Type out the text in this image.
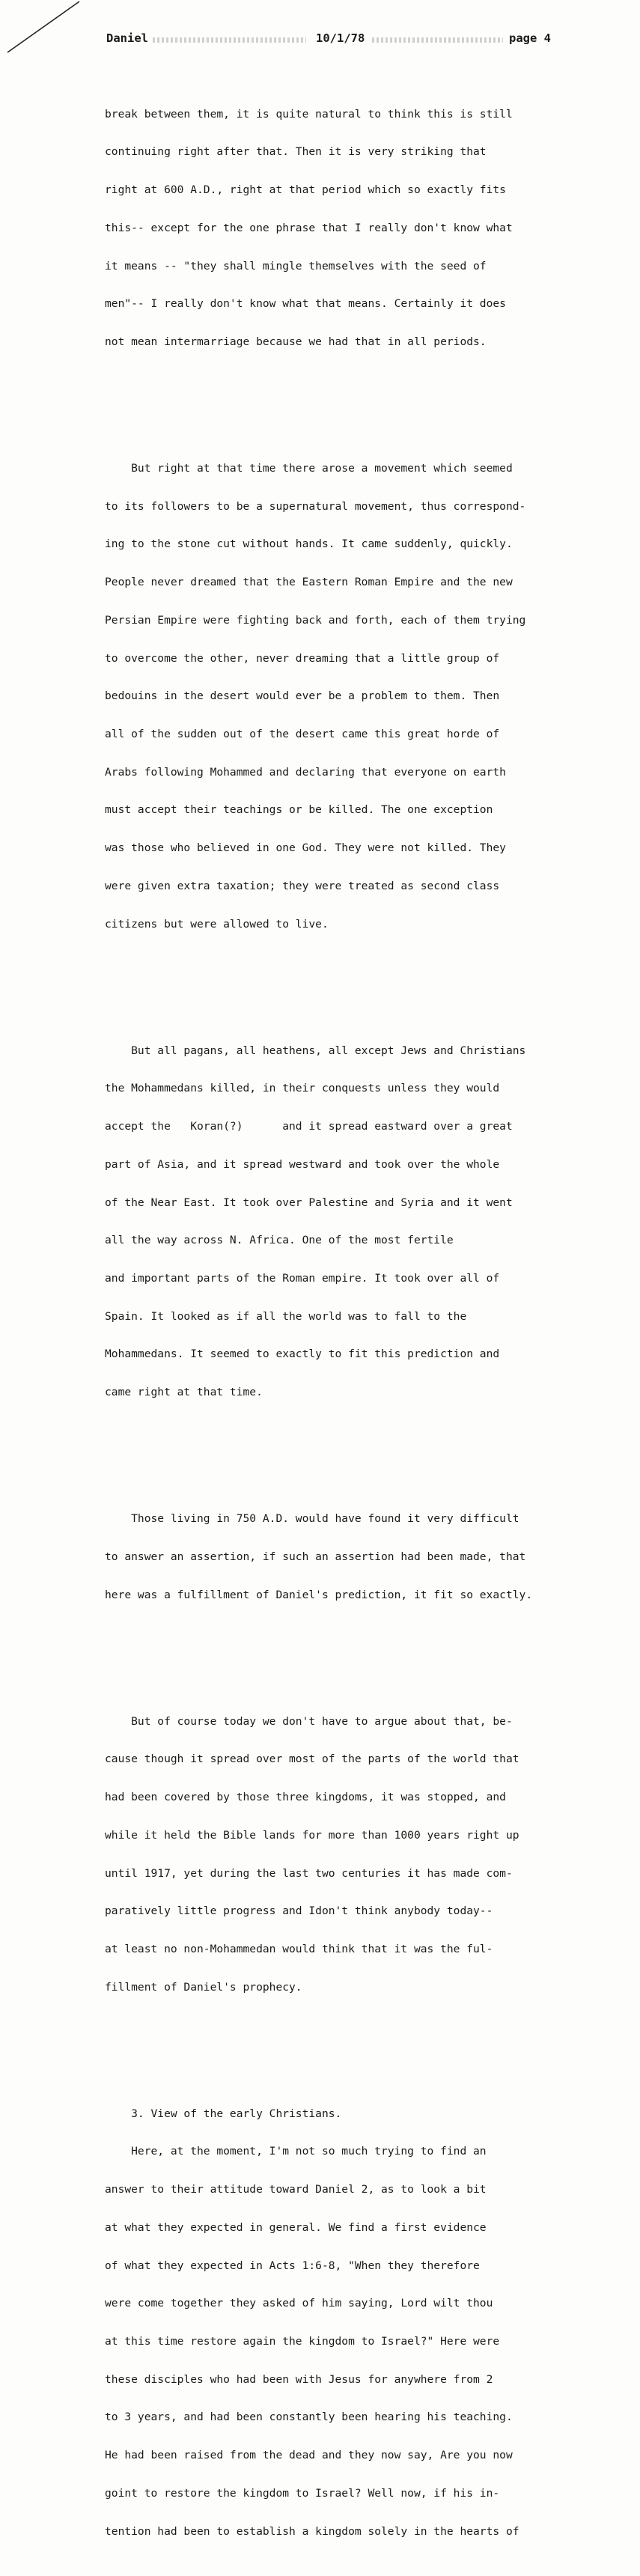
Daniel

	10/1/78

	page 4

break between them, it is quite natural to think this is still

continuing right after that. Then it is very striking that

right at 600 A.D., right at that period which so exactly fits

this-- except for the one phrase that I really don't know what

it means -- "they shall mingle themselves with the seed of

men"-- I really don't know what that means. Certainly it does

not mean intermarriage because we had that in all periods.

But right at that time there arose a movement which seemed

to its followers to be a supernatural movement, thus correspond-

ing to the stone cut without hands. It came suddenly, quickly.

People never dreamed that the Eastern Roman Empire and the new

Persian Empire were fighting back and forth, each of them trying

to overcome the other, never dreaming that a little group of

bedouins in the desert would ever be a problem to them. Then

all of the sudden out of the desert came this great horde of

Arabs following Mohammed and declaring that everyone on earth

must accept their teachings or be killed. The one exception

was those who believed in one God. They were not killed. They

were given extra taxation; they were treated as second class

citizens but were allowed to live.

But all pagans, all heathens, all except Jews and Christians

the Mohammedans killed, in their conquests unless they would

accept the   Koran(?)      and it spread eastward over a great

part of Asia, and it spread westward and took over the whole

of the Near East. It took over Palestine and Syria and it went

all the way across N. Africa. One of the most fertile

and important parts of the Roman empire. It took over all of

Spain. It looked as if all the world was to fall to the

Mohammedans. It seemed to exactly to fit this prediction and

came right at that time.

Those living in 750 A.D. would have found it very difficult

to answer an assertion, if such an assertion had been made, that

here was a fulfillment of Daniel's prediction, it fit so exactly.

But of course today we don't have to argue about that, be-

cause though it spread over most of the parts of the world that

had been covered by those three kingdoms, it was stopped, and

while it held the Bible lands for more than 1000 years right up

until 1917, yet during the last two centuries it has made com-

paratively little progress and Idon't think anybody today--

at least no non-Mohammedan would think that it was the ful-

fillment of Daniel's prophecy.

3. View of the early Christians.

Here, at the moment, I'm not so much trying to find an

answer to their attitude toward Daniel 2, as to look a bit

at what they expected in general. We find a first evidence

of what they expected in Acts 1:6-8, "When they therefore

were come together they asked of him saying, Lord wilt thou

at this time restore again the kingdom to Israel?" Here were

these disciples who had been with Jesus for anywhere from 2

to 3 years, and had been constantly been hearing his teaching.

He had been raised from the dead and they now say, Are you now

goint to restore the kingdom to Israel? Well now, if his in-

tention had been to establish a kingdom solely in the hearts of
